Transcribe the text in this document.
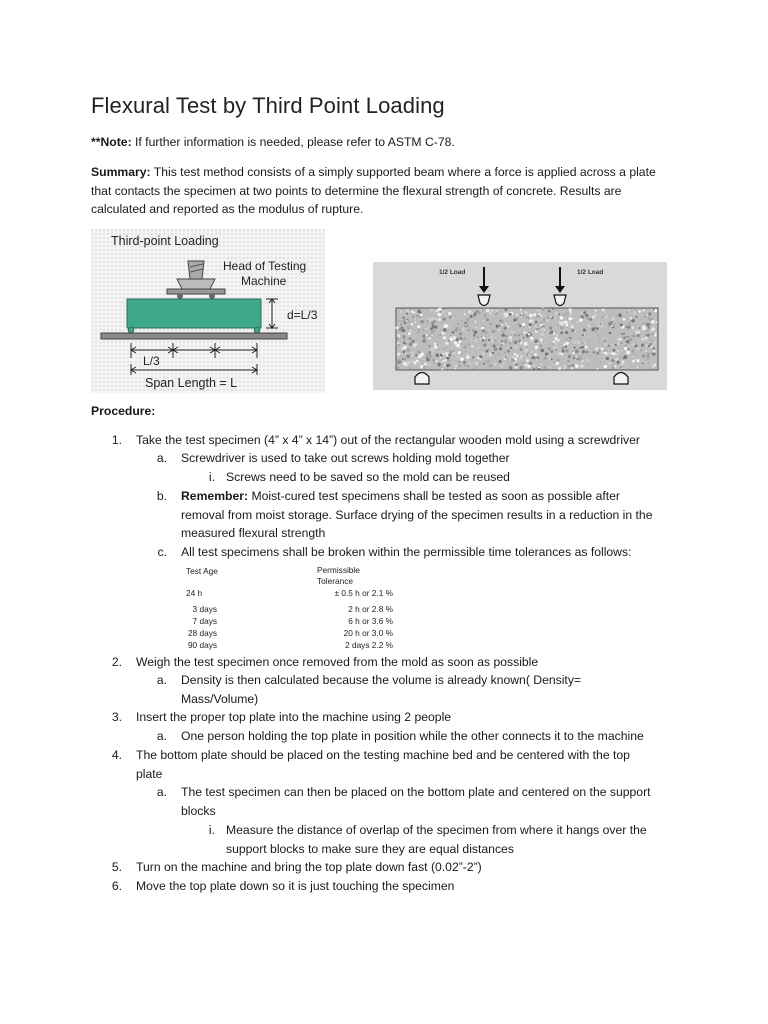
Flexural Test by Third Point Loading
**Note: If further information is needed, please refer to ASTM C-78.
Summary: This test method consists of a simply supported beam where a force is applied across a plate
that contacts the specimen at two points to determine the flexural strength of concrete. Results are
calculated and reported as the modulus of rupture.
Third-point Loading
Head of Testing
Machine
d=L/3
L/3
Span Length = L
1/2 Load	1/2 Load
Procedure:
1. Take the test specimen (4” x 4” x 14”) out of the rectangular wooden mold using a screwdriver
a. Screwdriver is used to take out screws holding mold together
i. Screws need to be saved so the mold can be reused
b. Remember: Moist-cured test specimens shall be tested as soon as possible after
removal from moist storage. Surface drying of the specimen results in a reduction in the
measured flexural strength
c. All test specimens shall be broken within the permissible time tolerances as follows:
Test Age	Permissible
Tolerance
24 h	± 0.5 h or 2.1 %
3 days	2 h or 2.8 %
7 days	6 h or 3.6 %
28 days	20 h or 3.0 %
90 days	2 days 2.2 %
2. Weigh the test specimen once removed from the mold as soon as possible
a. Density is then calculated because the volume is already known( Density=
Mass/Volume)
3. Insert the proper top plate into the machine using 2 people
a. One person holding the top plate in position while the other connects it to the machine
4. The bottom plate should be placed on the testing machine bed and be centered with the top
plate
a. The test specimen can then be placed on the bottom plate and centered on the support
blocks
i. Measure the distance of overlap of the specimen from where it hangs over the
support blocks to make sure they are equal distances
5. Turn on the machine and bring the top plate down fast (0.02”-2”)
6. Move the top plate down so it is just touching the specimen
